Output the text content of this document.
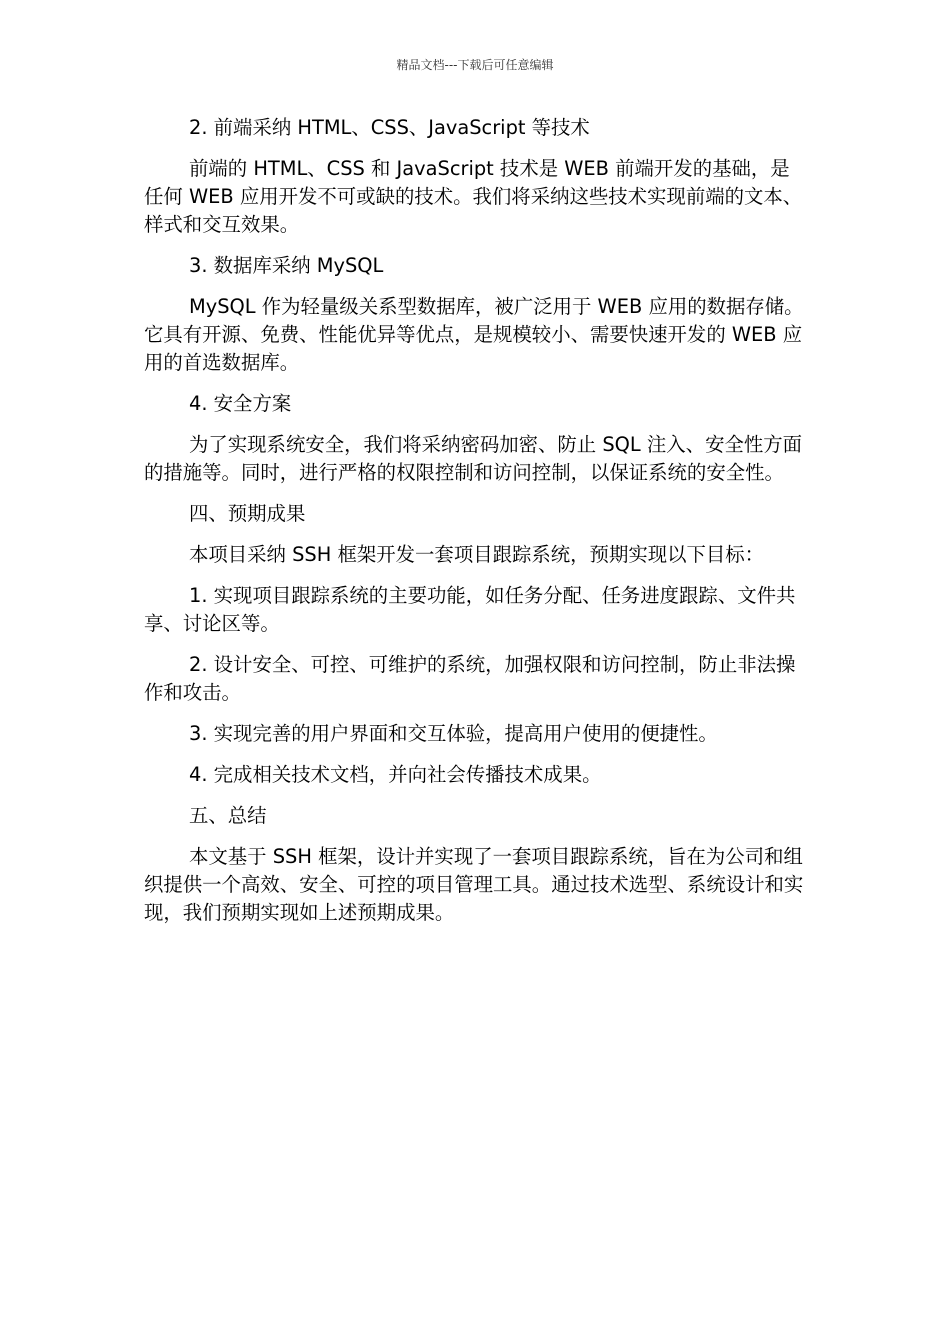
精品文档---下载后可任意编辑

2. 前端采纳 HTML、CSS、JavaScript 等技术

前端的 HTML、CSS 和 JavaScript 技术是 WEB 前端开发的基础，是任何 WEB 应用开发不可或缺的技术。我们将采纳这些技术实现前端的文本、样式和交互效果。

3. 数据库采纳 MySQL

MySQL 作为轻量级关系型数据库，被广泛用于 WEB 应用的数据存储。它具有开源、免费、性能优异等优点，是规模较小、需要快速开发的 WEB 应用的首选数据库。

4. 安全方案

为了实现系统安全，我们将采纳密码加密、防止 SQL 注入、安全性方面的措施等。同时，进行严格的权限控制和访问控制，以保证系统的安全性。

四、预期成果

本项目采纳 SSH 框架开发一套项目跟踪系统，预期实现以下目标：

1. 实现项目跟踪系统的主要功能，如任务分配、任务进度跟踪、文件共享、讨论区等。

2. 设计安全、可控、可维护的系统，加强权限和访问控制，防止非法操作和攻击。

3. 实现完善的用户界面和交互体验，提高用户使用的便捷性。

4. 完成相关技术文档，并向社会传播技术成果。

五、总结

本文基于 SSH 框架，设计并实现了一套项目跟踪系统，旨在为公司和组织提供一个高效、安全、可控的项目管理工具。通过技术选型、系统设计和实现，我们预期实现如上述预期成果。
